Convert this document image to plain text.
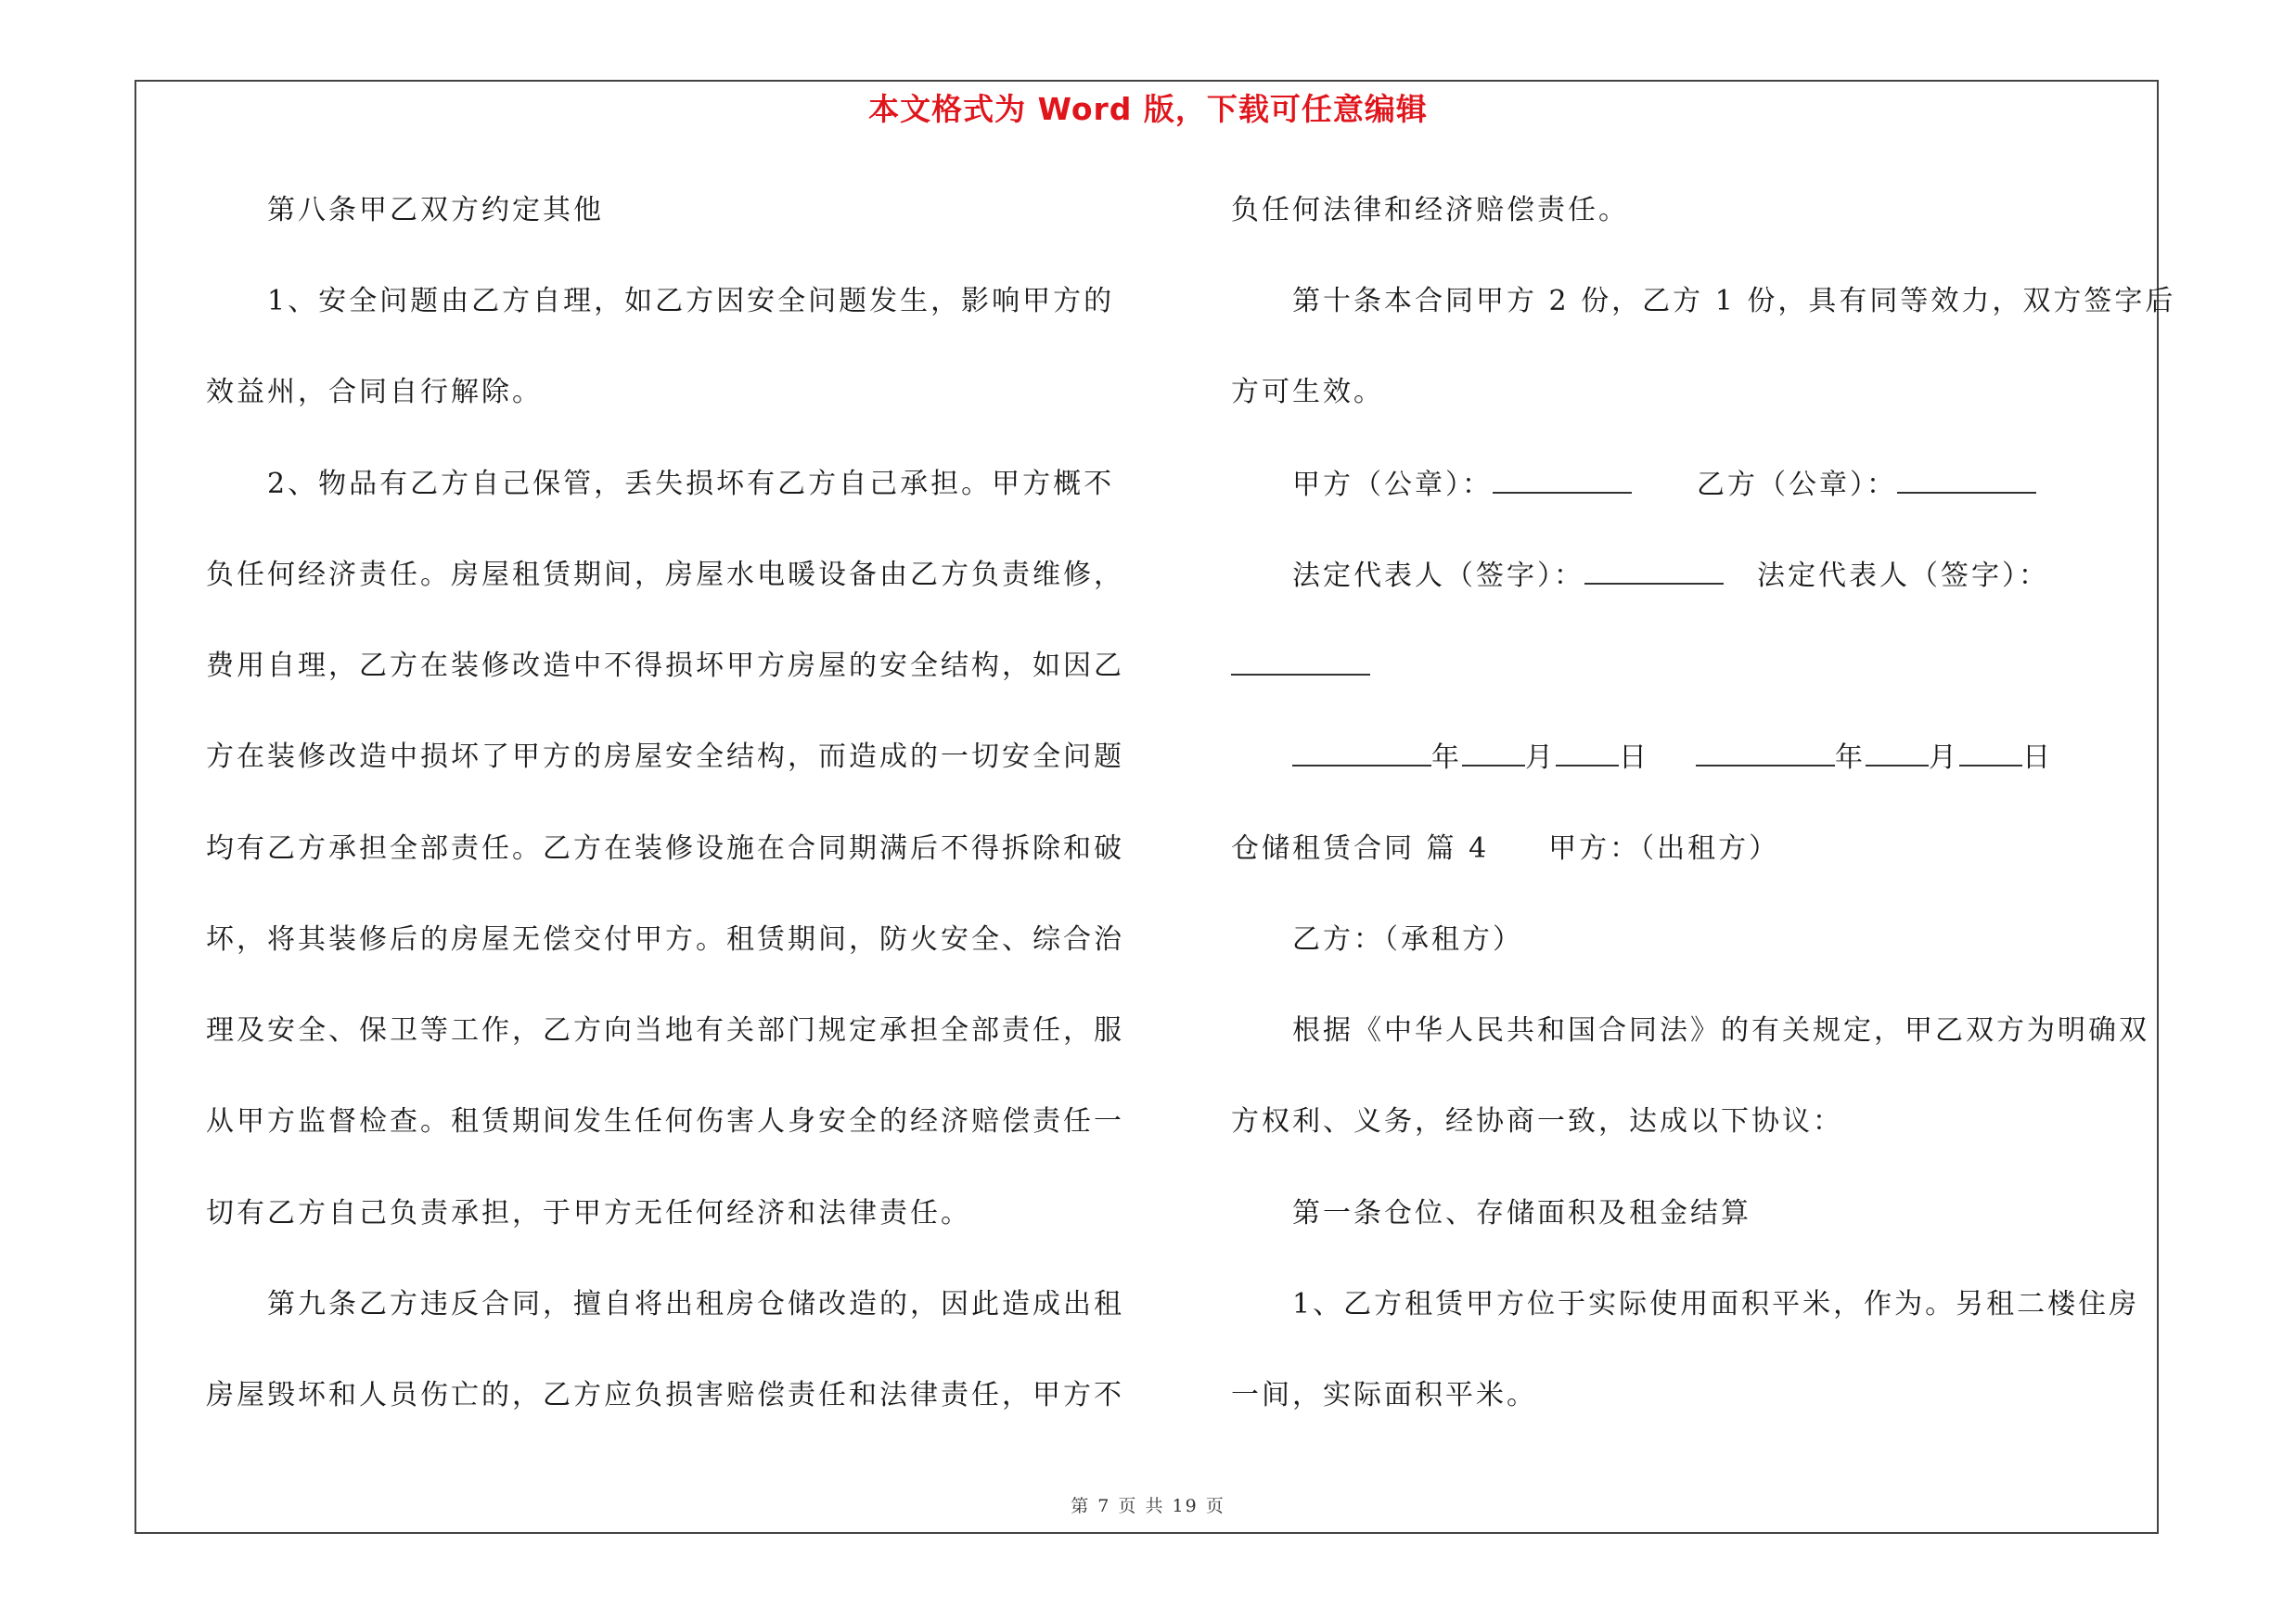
本文格式为 Word 版，下载可任意编辑
第八条甲乙双方约定其他
1、安全问题由乙方自理，如乙方因安全问题发生，影响甲方的
效益州，合同自行解除。
2、物品有乙方自己保管，丢失损坏有乙方自己承担。甲方概不
负任何经济责任。房屋租赁期间，房屋水电暖设备由乙方负责维修，
费用自理，乙方在装修改造中不得损坏甲方房屋的安全结构，如因乙
方在装修改造中损坏了甲方的房屋安全结构，而造成的一切安全问题
均有乙方承担全部责任。乙方在装修设施在合同期满后不得拆除和破
坏，将其装修后的房屋无偿交付甲方。租赁期间，防火安全、综合治
理及安全、保卫等工作，乙方向当地有关部门规定承担全部责任，服
从甲方监督检查。租赁期间发生任何伤害人身安全的经济赔偿责任一
切有乙方自己负责承担，于甲方无任何经济和法律责任。
第九条乙方违反合同，擅自将出租房仓储改造的，因此造成出租
房屋毁坏和人员伤亡的，乙方应负损害赔偿责任和法律责任，甲方不
负任何法律和经济赔偿责任。
第十条本合同甲方 2 份，乙方 1 份，具有同等效力，双方签字后
方可生效。
甲方（公章）：	乙方（公章）：
法定代表人（签字）：	法定代表人（签字）：
年 月 日	年 月 日
仓储租赁合同 篇 4 甲方：（出租方）
乙方：（承租方）
根据《中华人民共和国合同法》的有关规定，甲乙双方为明确双
方权利、义务，经协商一致，达成以下协议：
第一条仓位、存储面积及租金结算
1、乙方租赁甲方位于实际使用面积平米，作为。另租二楼住房
一间，实际面积平米。
第 7 页 共 19 页
